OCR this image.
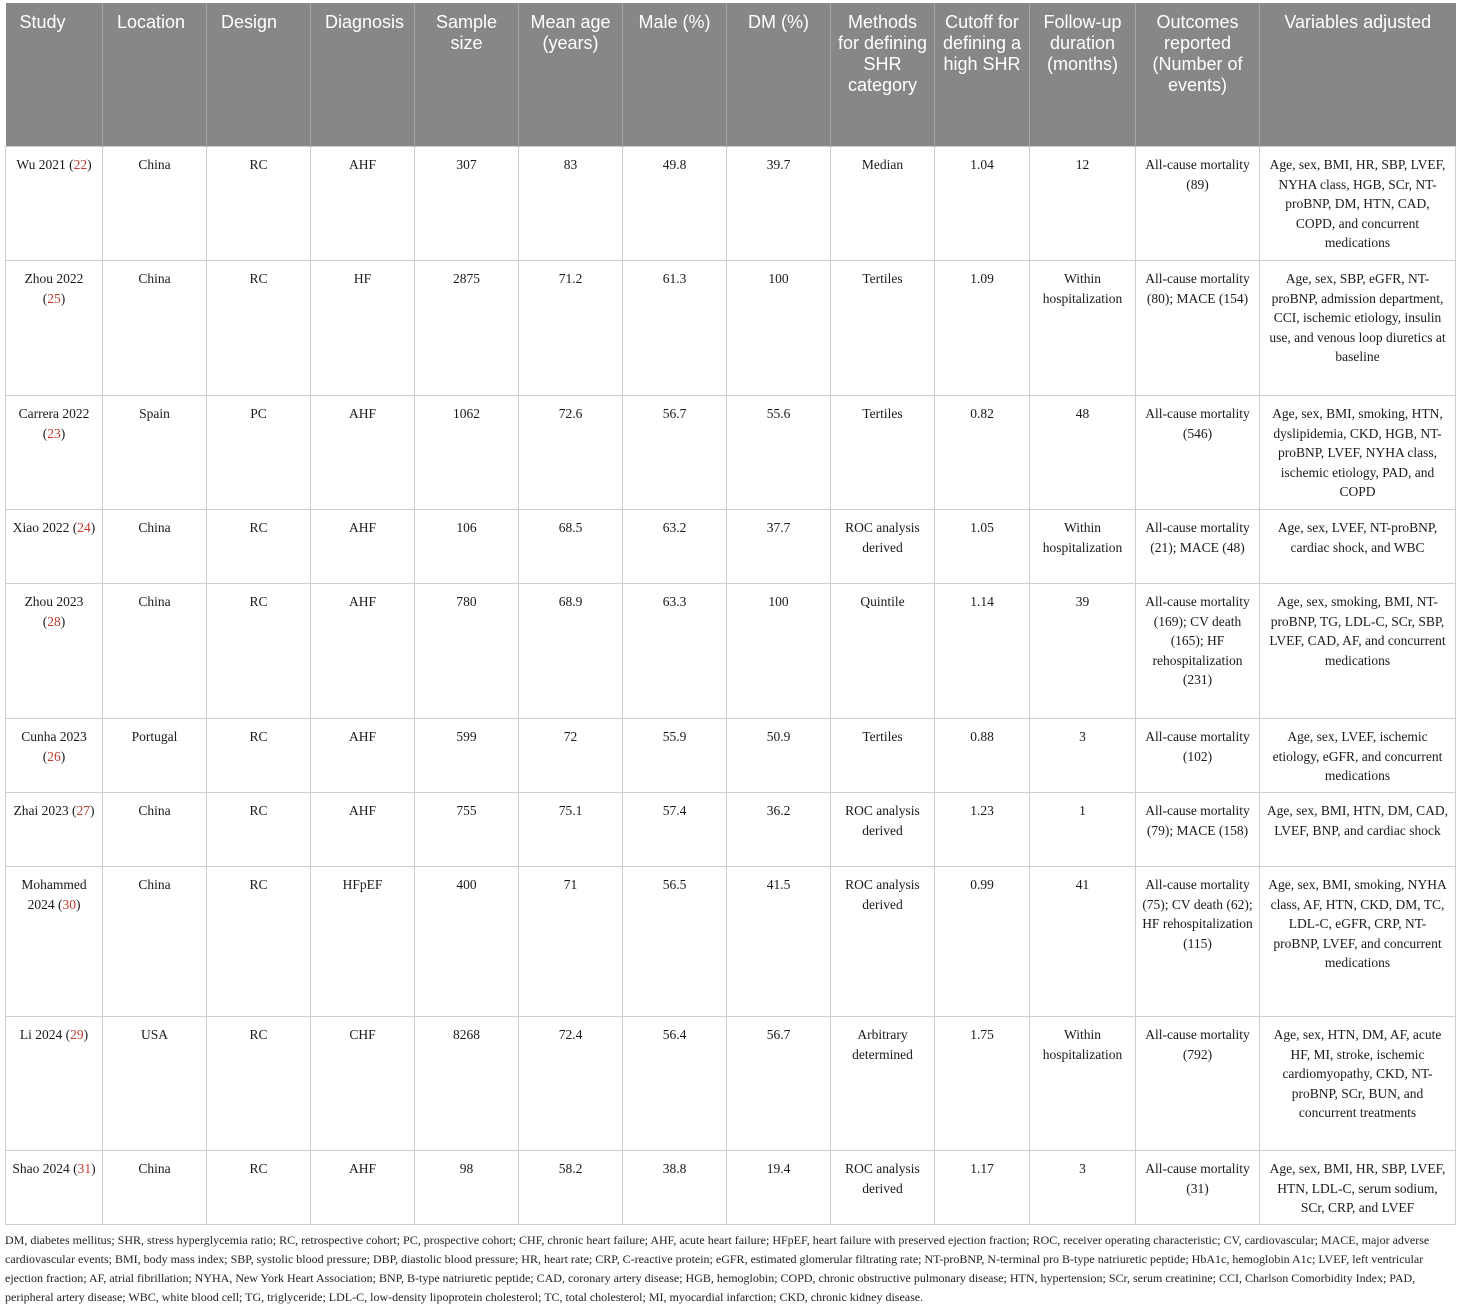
Study	Location	Design	Diagnosis	Sample size	Mean age (years)	Male (%)	DM (%)	Methods for defining SHR category	Cutoff for defining a high SHR	Follow-up duration (months)	Outcomes reported (Number of events)	Variables adjusted
Wu 2021 (22)	China	RC	AHF	307	83	49.8	39.7	Median	1.04	12	All-cause mortality (89)	Age, sex, BMI, HR, SBP, LVEF, NYHA class, HGB, SCr, NT-proBNP, DM, HTN, CAD, COPD, and concurrent medications
Zhou 2022 (25)	China	RC	HF	2875	71.2	61.3	100	Tertiles	1.09	Within hospitalization	All-cause mortality (80); MACE (154)	Age, sex, SBP, eGFR, NT-proBNP, admission department, CCI, ischemic etiology, insulin use, and venous loop diuretics at baseline
Carrera 2022 (23)	Spain	PC	AHF	1062	72.6	56.7	55.6	Tertiles	0.82	48	All-cause mortality (546)	Age, sex, BMI, smoking, HTN, dyslipidemia, CKD, HGB, NT-proBNP, LVEF, NYHA class, ischemic etiology, PAD, and COPD
Xiao 2022 (24)	China	RC	AHF	106	68.5	63.2	37.7	ROC analysis derived	1.05	Within hospitalization	All-cause mortality (21); MACE (48)	Age, sex, LVEF, NT-proBNP, cardiac shock, and WBC
Zhou 2023 (28)	China	RC	AHF	780	68.9	63.3	100	Quintile	1.14	39	All-cause mortality (169); CV death (165); HF rehospitalization (231)	Age, sex, smoking, BMI, NT-proBNP, TG, LDL-C, SCr, SBP, LVEF, CAD, AF, and concurrent medications
Cunha 2023 (26)	Portugal	RC	AHF	599	72	55.9	50.9	Tertiles	0.88	3	All-cause mortality (102)	Age, sex, LVEF, ischemic etiology, eGFR, and concurrent medications
Zhai 2023 (27)	China	RC	AHF	755	75.1	57.4	36.2	ROC analysis derived	1.23	1	All-cause mortality (79); MACE (158)	Age, sex, BMI, HTN, DM, CAD, LVEF, BNP, and cardiac shock
Mohammed 2024 (30)	China	RC	HFpEF	400	71	56.5	41.5	ROC analysis derived	0.99	41	All-cause mortality (75); CV death (62); HF rehospitalization (115)	Age, sex, BMI, smoking, NYHA class, AF, HTN, CKD, DM, TC, LDL-C, eGFR, CRP, NT-proBNP, LVEF, and concurrent medications
Li 2024 (29)	USA	RC	CHF	8268	72.4	56.4	56.7	Arbitrary determined	1.75	Within hospitalization	All-cause mortality (792)	Age, sex, HTN, DM, AF, acute HF, MI, stroke, ischemic cardiomyopathy, CKD, NT-proBNP, SCr, BUN, and concurrent treatments
Shao 2024 (31)	China	RC	AHF	98	58.2	38.8	19.4	ROC analysis derived	1.17	3	All-cause mortality (31)	Age, sex, BMI, HR, SBP, LVEF, HTN, LDL-C, serum sodium, SCr, CRP, and LVEF
DM, diabetes mellitus; SHR, stress hyperglycemia ratio; RC, retrospective cohort; PC, prospective cohort; CHF, chronic heart failure; AHF, acute heart failure; HFpEF, heart failure with preserved ejection fraction; ROC, receiver operating characteristic; CV, cardiovascular; MACE, major adverse cardiovascular events; BMI, body mass index; SBP, systolic blood pressure; DBP, diastolic blood pressure; HR, heart rate; CRP, C-reactive protein; eGFR, estimated glomerular filtrating rate; NT-proBNP, N-terminal pro B-type natriuretic peptide; HbA1c, hemoglobin A1c; LVEF, left ventricular ejection fraction; AF, atrial fibrillation; NYHA, New York Heart Association; BNP, B-type natriuretic peptide; CAD, coronary artery disease; HGB, hemoglobin; COPD, chronic obstructive pulmonary disease; HTN, hypertension; SCr, serum creatinine; CCI, Charlson Comorbidity Index; PAD, peripheral artery disease; WBC, white blood cell; TG, triglyceride; LDL-C, low-density lipoprotein cholesterol; TC, total cholesterol; MI, myocardial infarction; CKD, chronic kidney disease.
